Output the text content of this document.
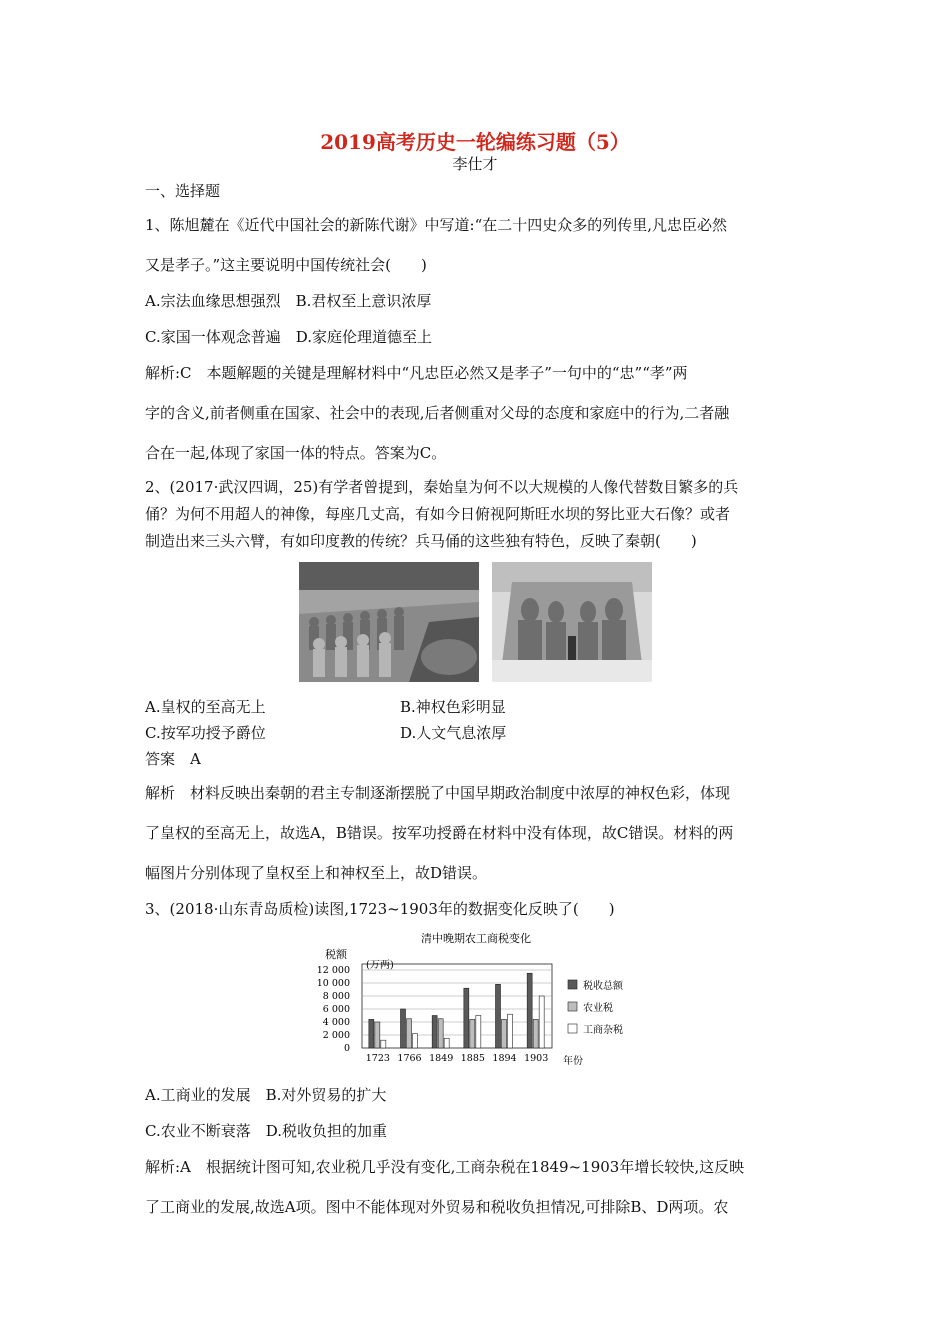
2019高考历史一轮编练习题（5）
李仕才
一、选择题
1、陈旭麓在《近代中国社会的新陈代谢》中写道:“在二十四史众多的列传里,凡忠臣必然
又是孝子。”这主要说明中国传统社会(　　)
A.宗法血缘思想强烈　B.君权至上意识浓厚
C.家国一体观念普遍　D.家庭伦理道德至上
解析:C　本题解题的关键是理解材料中“凡忠臣必然又是孝子”一句中的“忠”“孝”两
字的含义,前者侧重在国家、社会中的表现,后者侧重对父母的态度和家庭中的行为,二者融
合在一起,体现了家国一体的特点。答案为C。
2、(2017·武汉四调，25)有学者曾提到，秦始皇为何不以大规模的人像代替数目繁多的兵
俑？为何不用超人的神像，每座几丈高，有如今日俯视阿斯旺水坝的努比亚大石像？或者
制造出来三头六臂，有如印度教的传统？兵马俑的这些独有特色，反映了秦朝(　　)
A.皇权的至高无上	B.神权色彩明显
C.按军功授予爵位	D.人文气息浓厚
答案　A
解析　材料反映出秦朝的君主专制逐渐摆脱了中国早期政治制度中浓厚的神权色彩，体现
了皇权的至高无上，故选A，B错误。按军功授爵在材料中没有体现，故C错误。材料的两
幅图片分别体现了皇权至上和神权至上，故D错误。
3、(2018·山东青岛质检)读图,1723~1903年的数据变化反映了(　　)
清中晚期农工商税变化
税额
(万两)
年份
0
2 000
4 000
6 000
8 000
10 000
12 000
1723 1766 1849 1885 1894 1903
税收总额
农业税
工商杂税
A.工商业的发展　B.对外贸易的扩大
C.农业不断衰落　D.税收负担的加重
解析:A　根据统计图可知,农业税几乎没有变化,工商杂税在1849~1903年增长较快,这反映
了工商业的发展,故选A项。图中不能体现对外贸易和税收负担情况,可排除B、D两项。农
